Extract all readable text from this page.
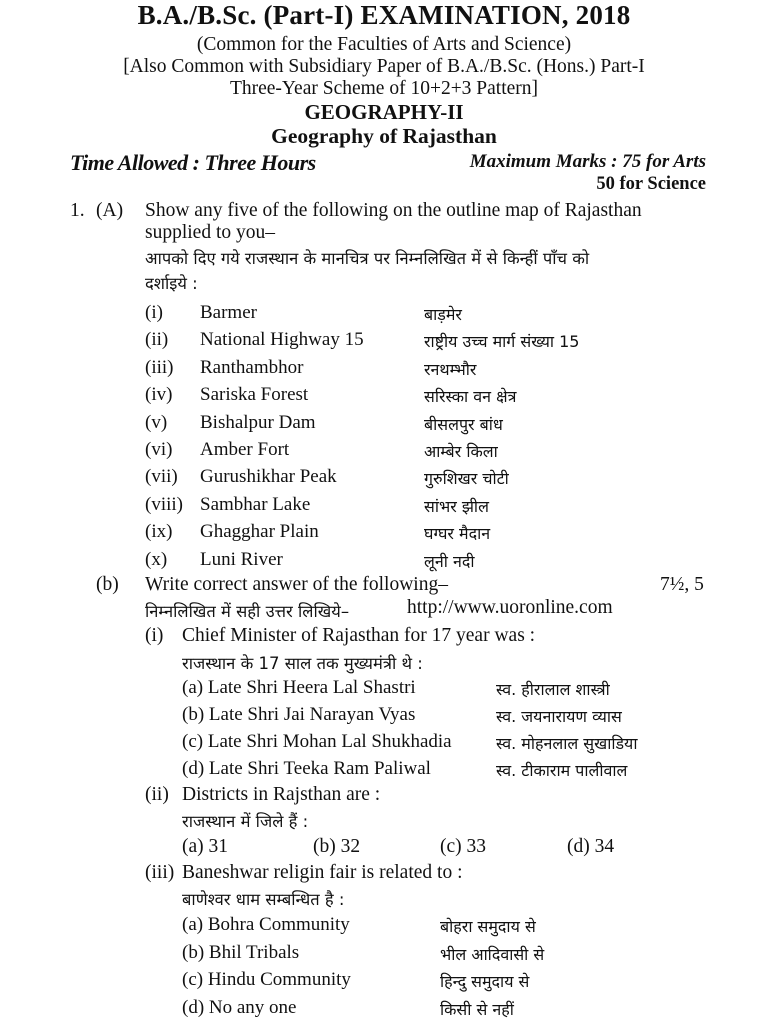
B.A./B.Sc. (Part-I) EXAMINATION, 2018
(Common for the Faculties of Arts and Science)
[Also Common with Subsidiary Paper of B.A./B.Sc. (Hons.) Part-I
Three-Year Scheme of 10+2+3 Pattern]
GEOGRAPHY-II
Geography of Rajasthan
Time Allowed : Three Hours	Maximum Marks : 75 for Arts
50 for Science
1. (A) Show any five of the following on the outline map of Rajasthan
supplied to you–
आपको दिए गये राजस्थान के मानचित्र पर निम्नलिखित में से किन्हीं पाँच को
दर्शाइये :
(i) Barmer	बाड़मेर
(ii) National Highway 15	राष्ट्रीय उच्च मार्ग संख्या 15
(iii) Ranthambhor	रनथम्भौर
(iv) Sariska Forest	सरिस्का वन क्षेत्र
(v) Bishalpur Dam	बीसलपुर बांध
(vi) Amber Fort	आम्बेर किला
(vii) Gurushikhar Peak	गुरुशिखर चोटी
(viii) Sambhar Lake	सांभर झील
(ix) Ghagghar Plain	घग्घर मैदान
(x) Luni River	लूनी नदी
(b) Write correct answer of the following–	7½, 5
निम्नलिखित में सही उत्तर लिखिये–	http://www.uoronline.com
(i) Chief Minister of Rajasthan for 17 year was :
राजस्थान के 17 साल तक मुख्यमंत्री थे :
(a) Late Shri Heera Lal Shastri	स्व. हीरालाल शास्त्री
(b) Late Shri Jai Narayan Vyas	स्व. जयनारायण व्यास
(c) Late Shri Mohan Lal Shukhadia	स्व. मोहनलाल सुखाडिया
(d) Late Shri Teeka Ram Paliwal	स्व. टीकाराम पालीवाल
(ii) Districts in Rajsthan are :
राजस्थान में जिले हैं :
(a) 31	(b) 32	(c) 33	(d) 34
(iii) Baneshwar religin fair is related to :
बाणेश्वर धाम सम्बन्धित है :
(a) Bohra Community	बोहरा समुदाय से
(b) Bhil Tribals	भील आदिवासी से
(c) Hindu Community	हिन्दु समुदाय से
(d) No any one	किसी से नहीं
